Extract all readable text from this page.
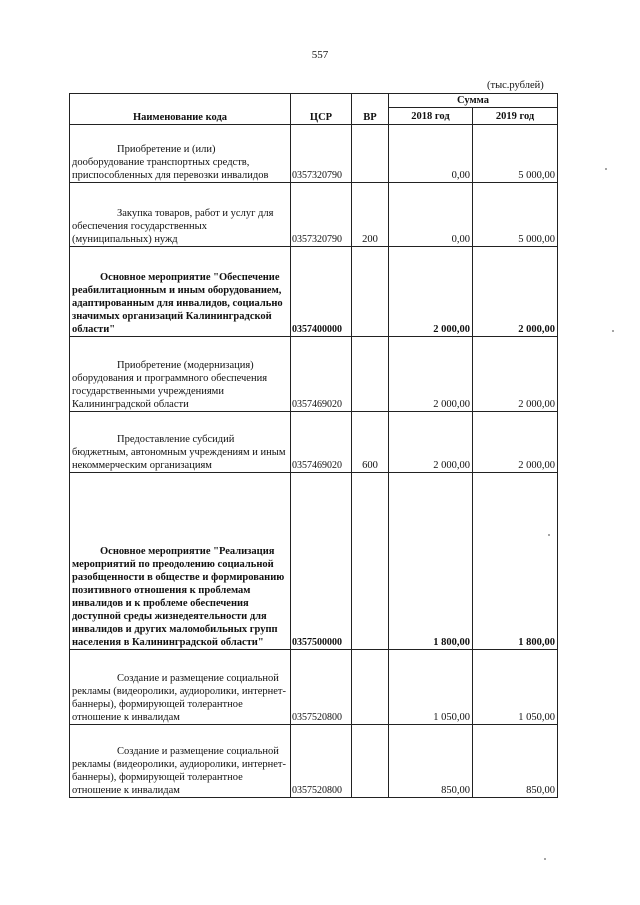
557
(тыс.рублей)
Наименование кода	ЦСР	ВР	Сумма	
			2018 год	2019 год
Приобретение и (или) дооборудование транспортных средств, приспособленных для перевозки инвалидов	0357320790		0,00	5 000,00
Закупка товаров, работ и услуг для обеспечения государственных (муниципальных) нужд	0357320790	200	0,00	5 000,00
Основное мероприятие "Обеспечение реабилитационным и иным оборудованием, адаптированным для инвалидов, социально значимых организаций Калининградской области"	0357400000		2 000,00	2 000,00
Приобретение (модернизация) оборудования и программного обеспечения государственными учреждениями Калининградской области	0357469020		2 000,00	2 000,00
Предоставление субсидий бюджетным, автономным учреждениям и иным некоммерческим организациям	0357469020	600	2 000,00	2 000,00
Основное мероприятие "Реализация мероприятий по преодолению социальной разобщенности в обществе и формированию позитивного отношения к проблемам инвалидов и к проблеме обеспечения доступной среды жизнедеятельности для инвалидов и других маломобильных групп населения в Калининградской области"	0357500000		1 800,00	1 800,00
Создание и размещение социальной рекламы (видеоролики, аудиоролики, интернет-баннеры), формирующей толерантное отношение к инвалидам	0357520800		1 050,00	1 050,00
Создание и размещение социальной рекламы (видеоролики, аудиоролики, интернет-баннеры), формирующей толерантное отношение к инвалидам	0357520800		850,00	850,00
